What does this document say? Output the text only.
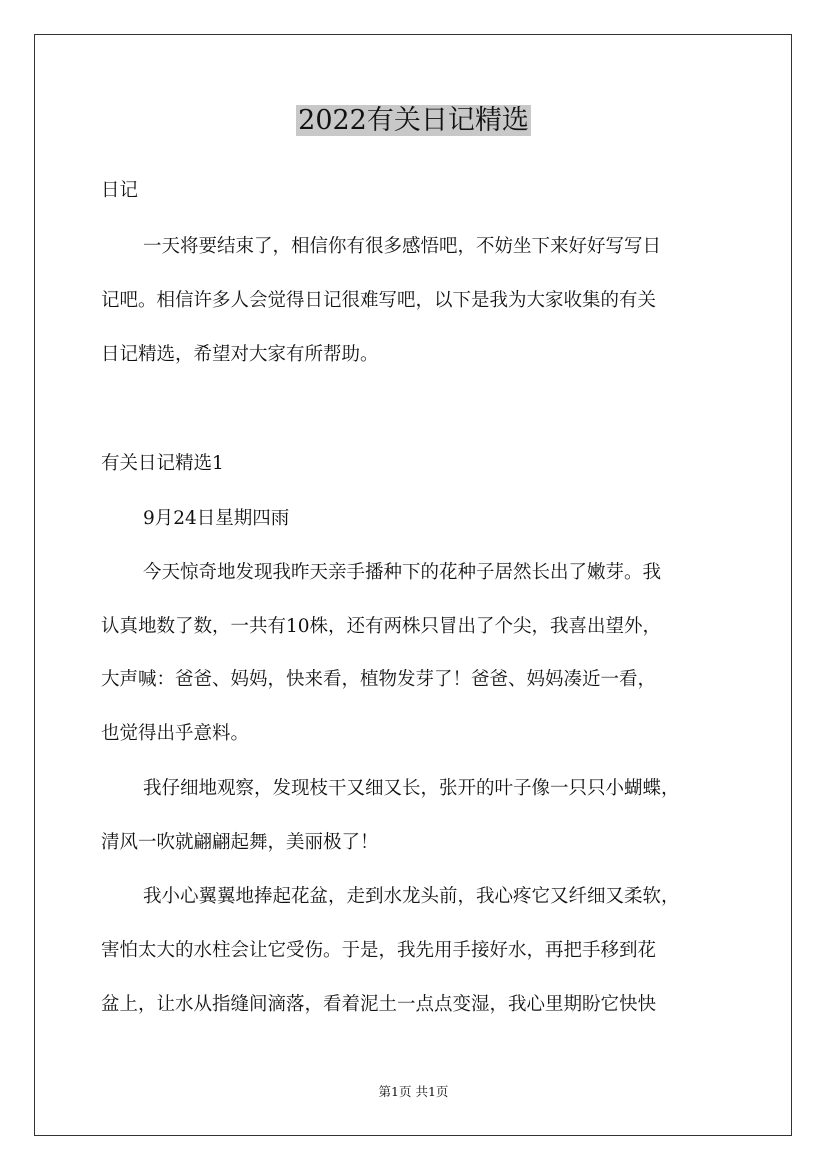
2022有关日记精选

日记

一天将要结束了，相信你有很多感悟吧，不妨坐下来好好写写日
记吧。相信许多人会觉得日记很难写吧，以下是我为大家收集的有关
日记精选，希望对大家有所帮助。

有关日记精选1

9月24日星期四雨

今天惊奇地发现我昨天亲手播种下的花种子居然长出了嫩芽。我
认真地数了数，一共有10株，还有两株只冒出了个尖，我喜出望外，
大声喊：爸爸、妈妈，快来看，植物发芽了！爸爸、妈妈凑近一看，
也觉得出乎意料。
我仔细地观察，发现枝干又细又长，张开的叶子像一只只小蝴蝶，
清风一吹就翩翩起舞，美丽极了！
我小心翼翼地捧起花盆，走到水龙头前，我心疼它又纤细又柔软，
害怕太大的水柱会让它受伤。于是，我先用手接好水，再把手移到花
盆上，让水从指缝间滴落，看着泥土一点点变湿，我心里期盼它快快
第1页 共1页
